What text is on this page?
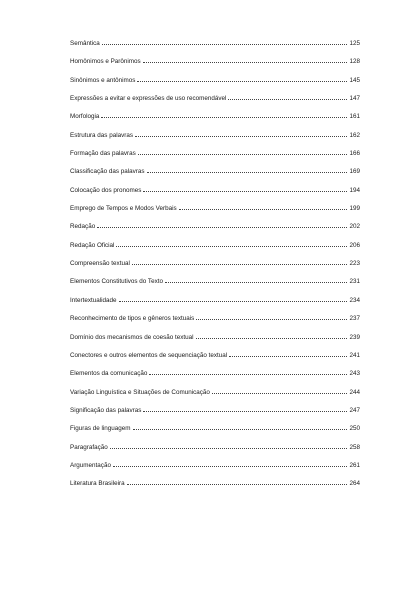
Semântica	125
Homônimos e Parônimos	128
Sinônimos e antônimos	145
Expressões a evitar e expressões de uso recomendável	147
Morfologia	161
Estrutura das palavras	162
Formação das palavras	166
Classificação das palavras	169
Colocação dos pronomes	194
Emprego de Tempos e Modos Verbais	199
Redação	202
Redação Oficial	206
Compreensão textual	223
Elementos Constitutivos do Texto	231
Intertextualidade	234
Reconhecimento de tipos e gêneros textuais	237
Domínio dos mecanismos de coesão textual	239
Conectores e outros elementos de sequenciação textual	241
Elementos da comunicação	243
Variação Linguística e Situações de Comunicação	244
Significação das palavras	247
Figuras de linguagem	250
Paragrafação	258
Argumentação	261
Literatura Brasileira	264
